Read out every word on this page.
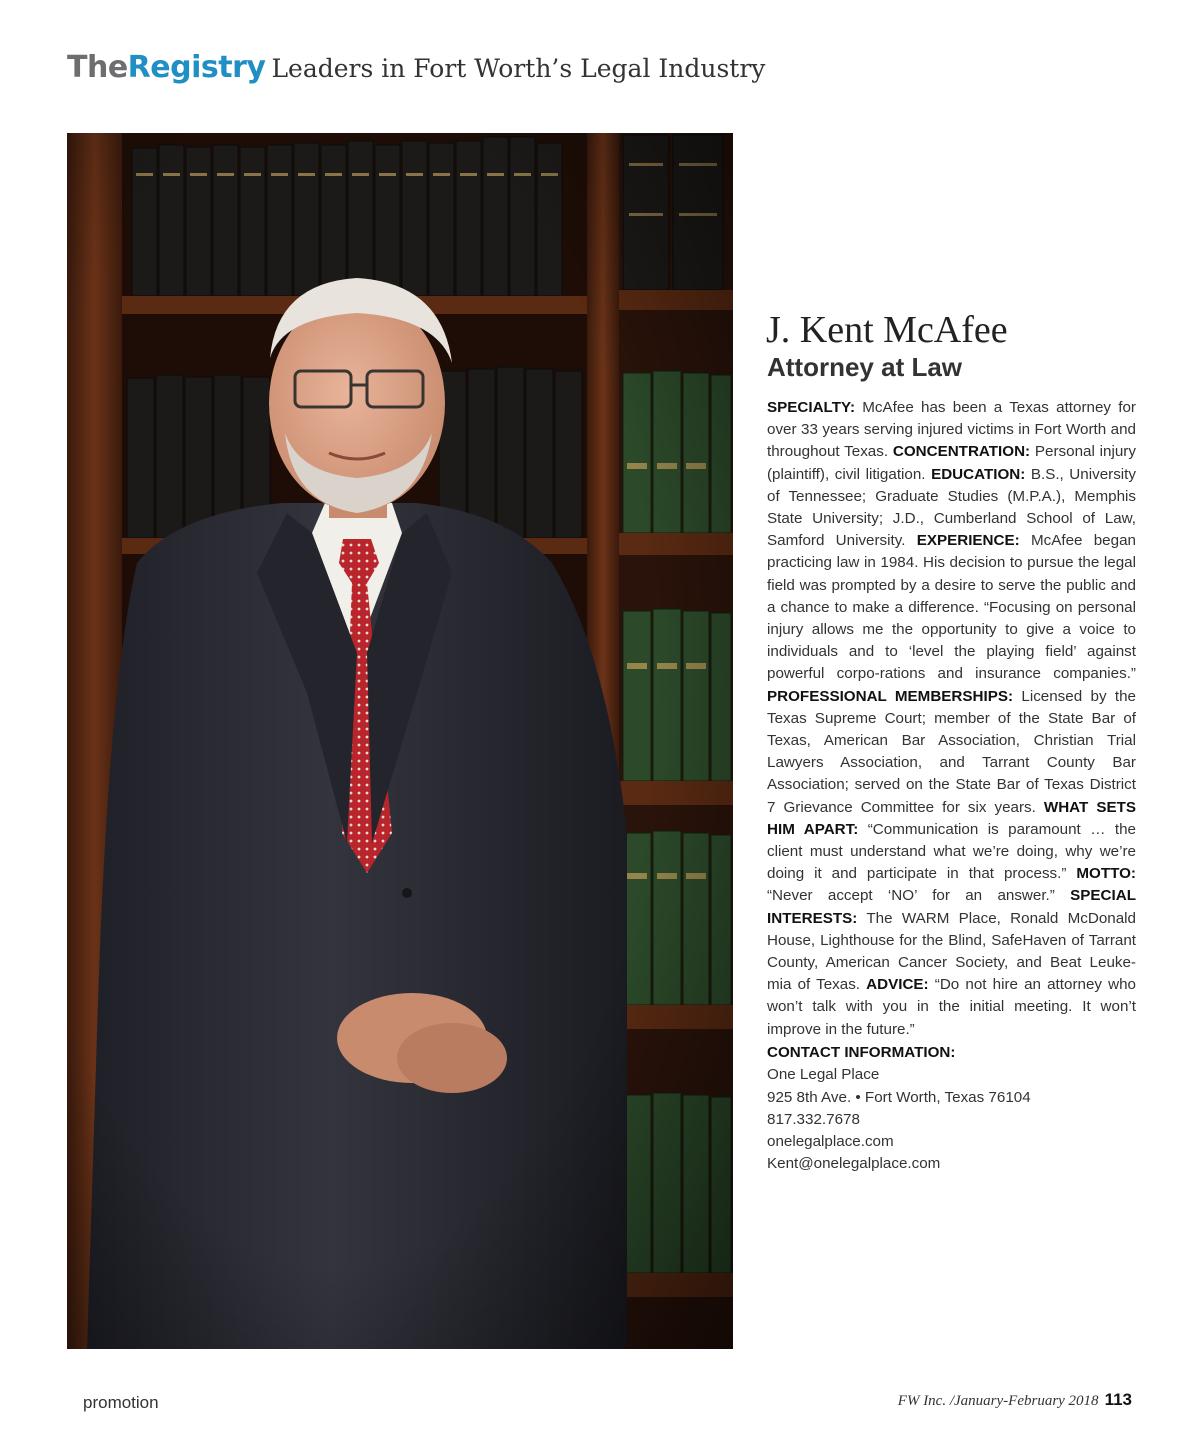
TheRegistry Leaders in Fort Worth’s Legal Industry
J. Kent McAfee
Attorney at Law

SPECIALTY: McAfee has been a Texas attorney for over 33 years serving injured victims in Fort Worth and throughout Texas. CONCENTRATION: Personal injury (plaintiff), civil litigation. EDUCATION: B.S., University of Tennessee; Graduate Studies (M.P.A.), Memphis State University; J.D., Cumberland School of Law, Samford University. EXPERIENCE: McAfee began practicing law in 1984. His decision to pursue the legal field was prompted by a desire to serve the public and a chance to make a difference. “Focusing on personal injury allows me the opportunity to give a voice to individuals and to ‘level the playing field’ against powerful corpo-rations and insurance companies.” PROFESSIONAL MEMBERSHIPS: Licensed by the Texas Supreme Court; member of the State Bar of Texas, American Bar Association, Christian Trial Lawyers Association, and Tarrant County Bar Association; served on the State Bar of Texas District 7 Grievance Committee for six years. WHAT SETS HIM APART: “Communication is paramount … the client must understand what we’re doing, why we’re doing it and participate in that process.” MOTTO: “Never accept ‘NO’ for an answer.” SPECIAL INTERESTS: The WARM Place, Ronald McDonald House, Lighthouse for the Blind, SafeHaven of Tarrant County, American Cancer Society, and Beat Leuke-mia of Texas. ADVICE: “Do not hire an attorney who won’t talk with you in the initial meeting. It won’t improve in the future.”

CONTACT INFORMATION:
One Legal Place
925 8th Ave. • Fort Worth, Texas 76104
817.332.7678
onelegalplace.com
Kent@onelegalplace.com
promotion	FW Inc. /January-February 2018 113
